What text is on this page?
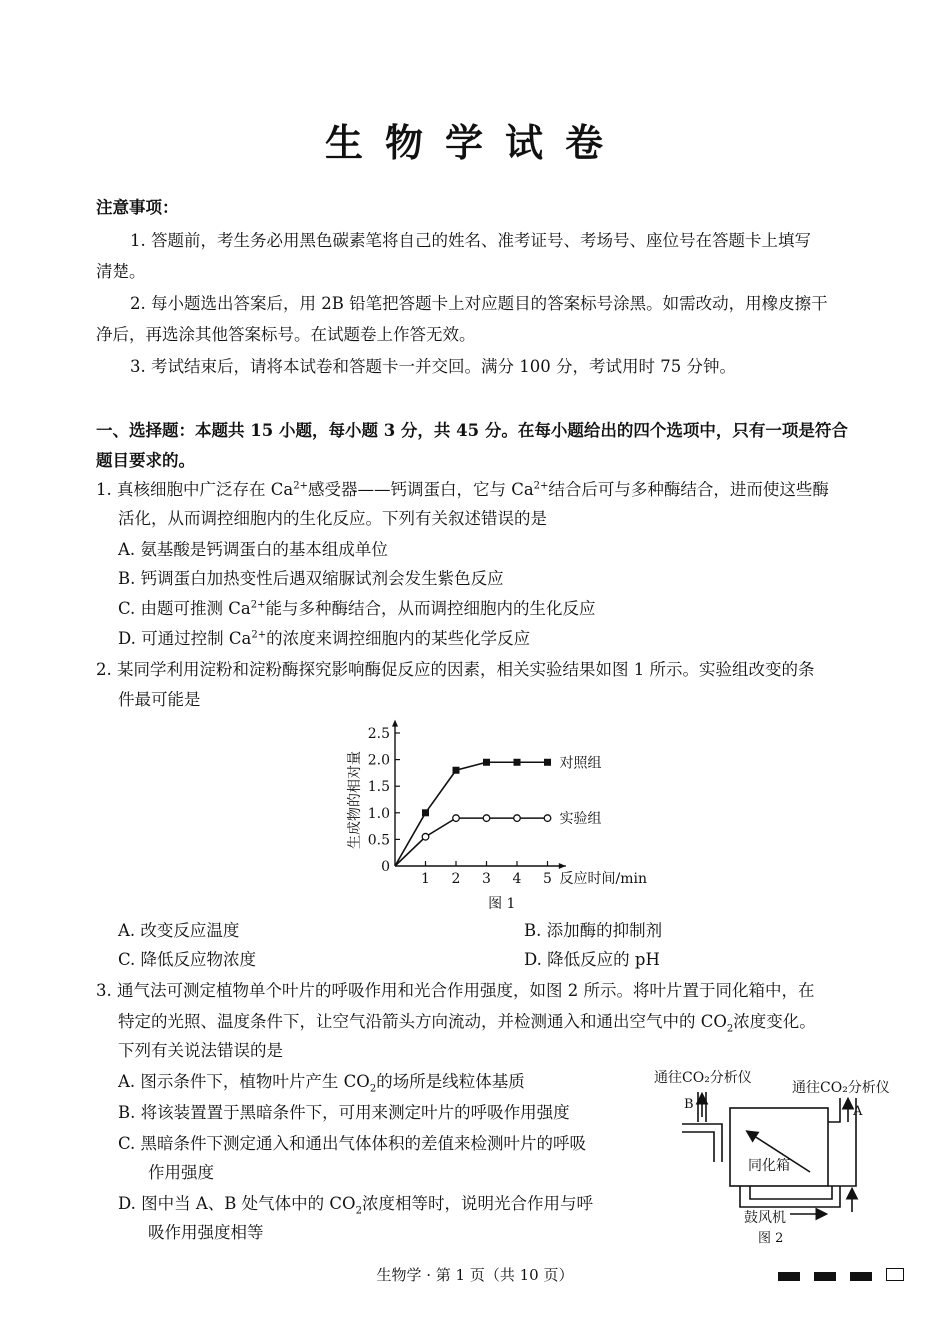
生物学试卷
注意事项：
1. 答题前，考生务必用黑色碳素笔将自己的姓名、准考证号、考场号、座位号在答题卡上填写
清楚。
2. 每小题选出答案后，用 2B 铅笔把答题卡上对应题目的答案标号涂黑。如需改动，用橡皮擦干
净后，再选涂其他答案标号。在试题卷上作答无效。
3. 考试结束后，请将本试卷和答题卡一并交回。满分 100 分，考试用时 75 分钟。
一、选择题：本题共 15 小题，每小题 3 分，共 45 分。在每小题给出的四个选项中，只有一项是符合
题目要求的。
1. 真核细胞中广泛存在 $Ca^{2+}$感受器——钙调蛋白，它与 $Ca^{2+}$结合后可与多种酶结合，进而使这些酶
活化，从而调控细胞内的生化反应。下列有关叙述错误的是
A. 氨基酸是钙调蛋白的基本组成单位
B. 钙调蛋白加热变性后遇双缩脲试剂会发生紫色反应
C. 由题可推测 $Ca^{2+}$能与多种酶结合，从而调控细胞内的生化反应
D. 可通过控制 $Ca^{2+}$的浓度来调控细胞内的某些化学反应
2. 某同学利用淀粉和淀粉酶探究影响酶促反应的因素，相关实验结果如图 1 所示。实验组改变的条
件最可能是
0
0.5
1.0
1.5
2.0
2.5
1 2 3 4 5 反应时间/min
生成物的相对量
图 1
对照组
实验组
A. 改变反应温度	B. 添加酶的抑制剂
C. 降低反应物浓度	D. 降低反应的 pH
3. 通气法可测定植物单个叶片的呼吸作用和光合作用强度，如图 2 所示。将叶片置于同化箱中，在
特定的光照、温度条件下，让空气沿箭头方向流动，并检测通入和通出空气中的 $CO_2$浓度变化。
下列有关说法错误的是
A. 图示条件下，植物叶片产生 $CO_2$的场所是线粒体基质
B. 将该装置置于黑暗条件下，可用来测定叶片的呼吸作用强度
C. 黑暗条件下测定通入和通出气体体积的差值来检测叶片的呼吸
作用强度
D. 图中当 A、B 处气体中的 $CO_2$浓度相等时，说明光合作用与呼
吸作用强度相等
通往CO₂分析仪
通往CO₂分析仪
B	A
同化箱
鼓风机
图 2
生物学 · 第 1 页（共 10 页）
